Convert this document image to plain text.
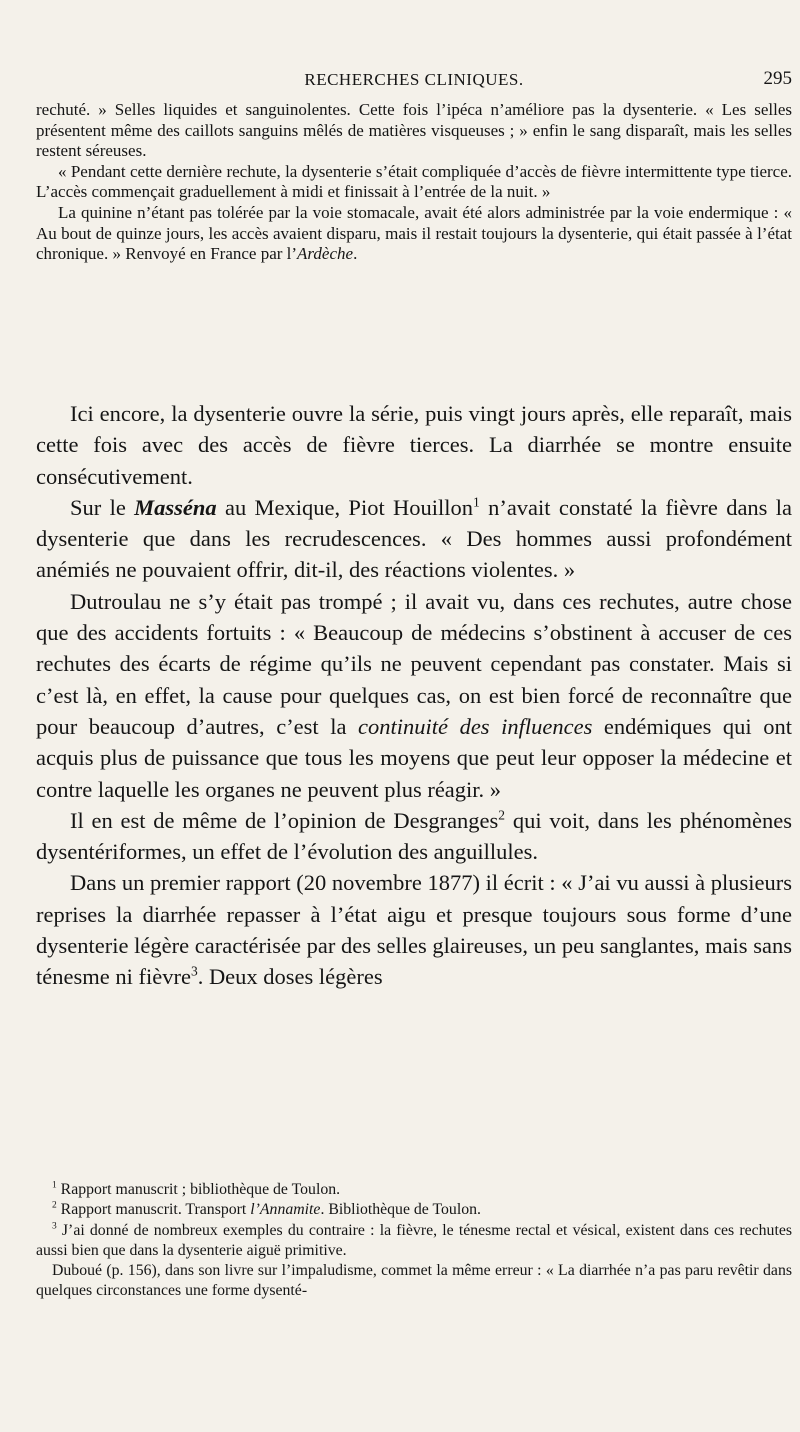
RECHERCHES CLINIQUES.	295

rechuté. » Selles liquides et sanguinolentes. Cette fois l’ipéca n’améliore pas la dysenterie. « Les selles présentent même des caillots sanguins mêlés de matières visqueuses ; » enfin le sang disparaît, mais les selles restent séreuses.

« Pendant cette dernière rechute, la dysenterie s’était compliquée d’accès de fièvre intermittente type tierce. L’accès commençait graduellement à midi et finissait à l’entrée de la nuit. »

La quinine n’étant pas tolérée par la voie stomacale, avait été alors administrée par la voie endermique : « Au bout de quinze jours, les accès avaient disparu, mais il restait toujours la dysenterie, qui était passée à l’état chronique. » Renvoyé en France par l’Ardèche.

Ici encore, la dysenterie ouvre la série, puis vingt jours après, elle reparaît, mais cette fois avec des accès de fièvre tierces. La diarrhée se montre ensuite consécutivement.

Sur le Masséna au Mexique, Piot Houillon$^1$ n’avait constaté la fièvre dans la dysenterie que dans les recrudescences. « Des hommes aussi profondément anémiés ne pouvaient offrir, dit-il, des réactions violentes. »

Dutroulau ne s’y était pas trompé ; il avait vu, dans ces rechutes, autre chose que des accidents fortuits : « Beaucoup de médecins s’obstinent à accuser de ces rechutes des écarts de régime qu’ils ne peuvent cependant pas constater. Mais si c’est là, en effet, la cause pour quelques cas, on est bien forcé de reconnaître que pour beaucoup d’autres, c’est la continuité des influences endémiques qui ont acquis plus de puissance que tous les moyens que peut leur opposer la médecine et contre laquelle les organes ne peuvent plus réagir. »

Il en est de même de l’opinion de Desgranges$^2$ qui voit, dans les phénomènes dysentériformes, un effet de l’évolution des anguillules.

Dans un premier rapport (20 novembre 1877) il écrit : « J’ai vu aussi à plusieurs reprises la diarrhée repasser à l’état aigu et presque toujours sous forme d’une dysenterie légère caractérisée par des selles glaireuses, un peu sanglantes, mais sans ténesme ni fièvre$^3$. Deux doses légères

$^1$ Rapport manuscrit ; bibliothèque de Toulon.

$^2$ Rapport manuscrit. Transport l’Annamite. Bibliothèque de Toulon.

$^3$ J’ai donné de nombreux exemples du contraire : la fièvre, le ténesme rectal et vésical, existent dans ces rechutes aussi bien que dans la dysenterie aiguë primitive.

Duboué (p. 156), dans son livre sur l’impaludisme, commet la même erreur : « La diarrhée n’a pas paru revêtir dans quelques circonstances une forme dysenté-
